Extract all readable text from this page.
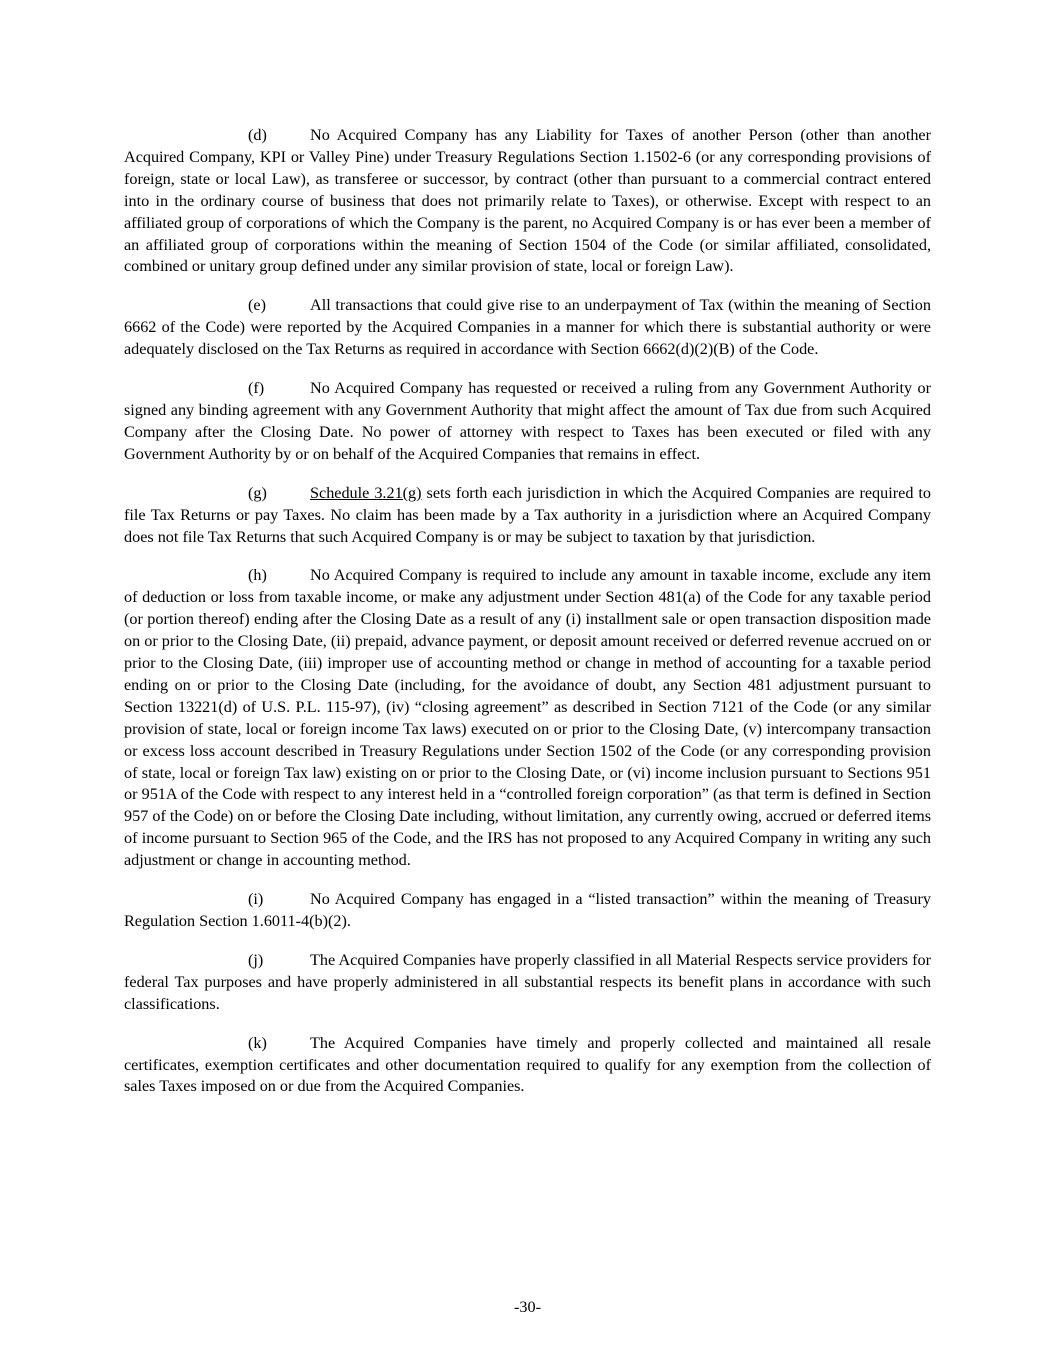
(d)	No Acquired Company has any Liability for Taxes of another Person (other than another Acquired Company, KPI or Valley Pine) under Treasury Regulations Section 1.1502-6 (or any corresponding provisions of foreign, state or local Law), as transferee or successor, by contract (other than pursuant to a commercial contract entered into in the ordinary course of business that does not primarily relate to Taxes), or otherwise. Except with respect to an affiliated group of corporations of which the Company is the parent, no Acquired Company is or has ever been a member of an affiliated group of corporations within the meaning of Section 1504 of the Code (or similar affiliated, consolidated, combined or unitary group defined under any similar provision of state, local or foreign Law).

(e)	All transactions that could give rise to an underpayment of Tax (within the meaning of Section 6662 of the Code) were reported by the Acquired Companies in a manner for which there is substantial authority or were adequately disclosed on the Tax Returns as required in accordance with Section 6662(d)(2)(B) of the Code.

(f)	No Acquired Company has requested or received a ruling from any Government Authority or signed any binding agreement with any Government Authority that might affect the amount of Tax due from such Acquired Company after the Closing Date. No power of attorney with respect to Taxes has been executed or filed with any Government Authority by or on behalf of the Acquired Companies that remains in effect.

(g)	Schedule 3.21(g) sets forth each jurisdiction in which the Acquired Companies are required to file Tax Returns or pay Taxes. No claim has been made by a Tax authority in a jurisdiction where an Acquired Company does not file Tax Returns that such Acquired Company is or may be subject to taxation by that jurisdiction.

(h)	No Acquired Company is required to include any amount in taxable income, exclude any item of deduction or loss from taxable income, or make any adjustment under Section 481(a) of the Code for any taxable period (or portion thereof) ending after the Closing Date as a result of any (i) installment sale or open transaction disposition made on or prior to the Closing Date, (ii) prepaid, advance payment, or deposit amount received or deferred revenue accrued on or prior to the Closing Date, (iii) improper use of accounting method or change in method of accounting for a taxable period ending on or prior to the Closing Date (including, for the avoidance of doubt, any Section 481 adjustment pursuant to Section 13221(d) of U.S. P.L. 115-97), (iv) “closing agreement” as described in Section 7121 of the Code (or any similar provision of state, local or foreign income Tax laws) executed on or prior to the Closing Date, (v) intercompany transaction or excess loss account described in Treasury Regulations under Section 1502 of the Code (or any corresponding provision of state, local or foreign Tax law) existing on or prior to the Closing Date, or (vi) income inclusion pursuant to Sections 951 or 951A of the Code with respect to any interest held in a “controlled foreign corporation” (as that term is defined in Section 957 of the Code) on or before the Closing Date including, without limitation, any currently owing, accrued or deferred items of income pursuant to Section 965 of the Code, and the IRS has not proposed to any Acquired Company in writing any such adjustment or change in accounting method.

(i)	No Acquired Company has engaged in a “listed transaction” within the meaning of Treasury Regulation Section 1.6011-4(b)(2).

(j)	The Acquired Companies have properly classified in all Material Respects service providers for federal Tax purposes and have properly administered in all substantial respects its benefit plans in accordance with such classifications.

(k)	The Acquired Companies have timely and properly collected and maintained all resale certificates, exemption certificates and other documentation required to qualify for any exemption from the collection of sales Taxes imposed on or due from the Acquired Companies.

-30-
